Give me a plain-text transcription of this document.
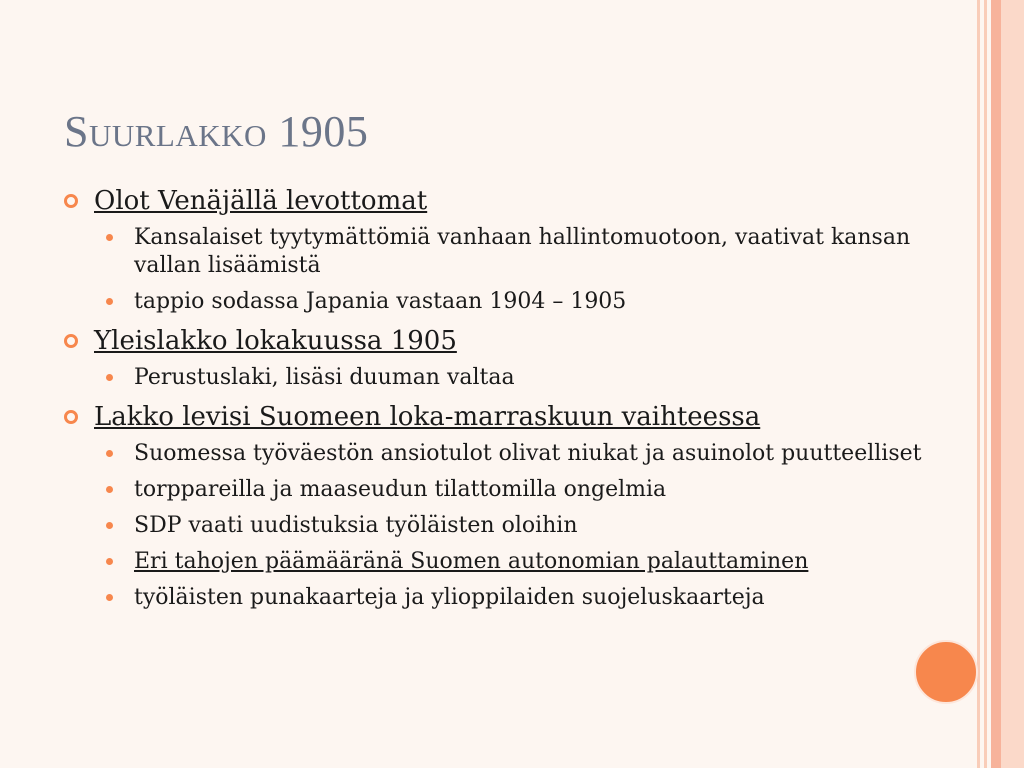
Suurlakko 1905
Olot Venäjällä levottomat
Kansalaiset tyytymättömiä vanhaan hallintomuotoon, vaativat kansan vallan lisäämistä
tappio sodassa Japania vastaan 1904 – 1905
Yleislakko lokakuussa 1905
Perustuslaki, lisäsi duuman valtaa
Lakko levisi Suomeen loka-marraskuun vaihteessa
Suomessa työväestön ansiotulot olivat niukat ja asuinolot puutteelliset
torppareilla ja maaseudun tilattomilla ongelmia
SDP vaati uudistuksia työläisten oloihin
Eri tahojen päämääränä Suomen autonomian palauttaminen
työläisten punakaarteja ja ylioppilaiden suojeluskaarteja
